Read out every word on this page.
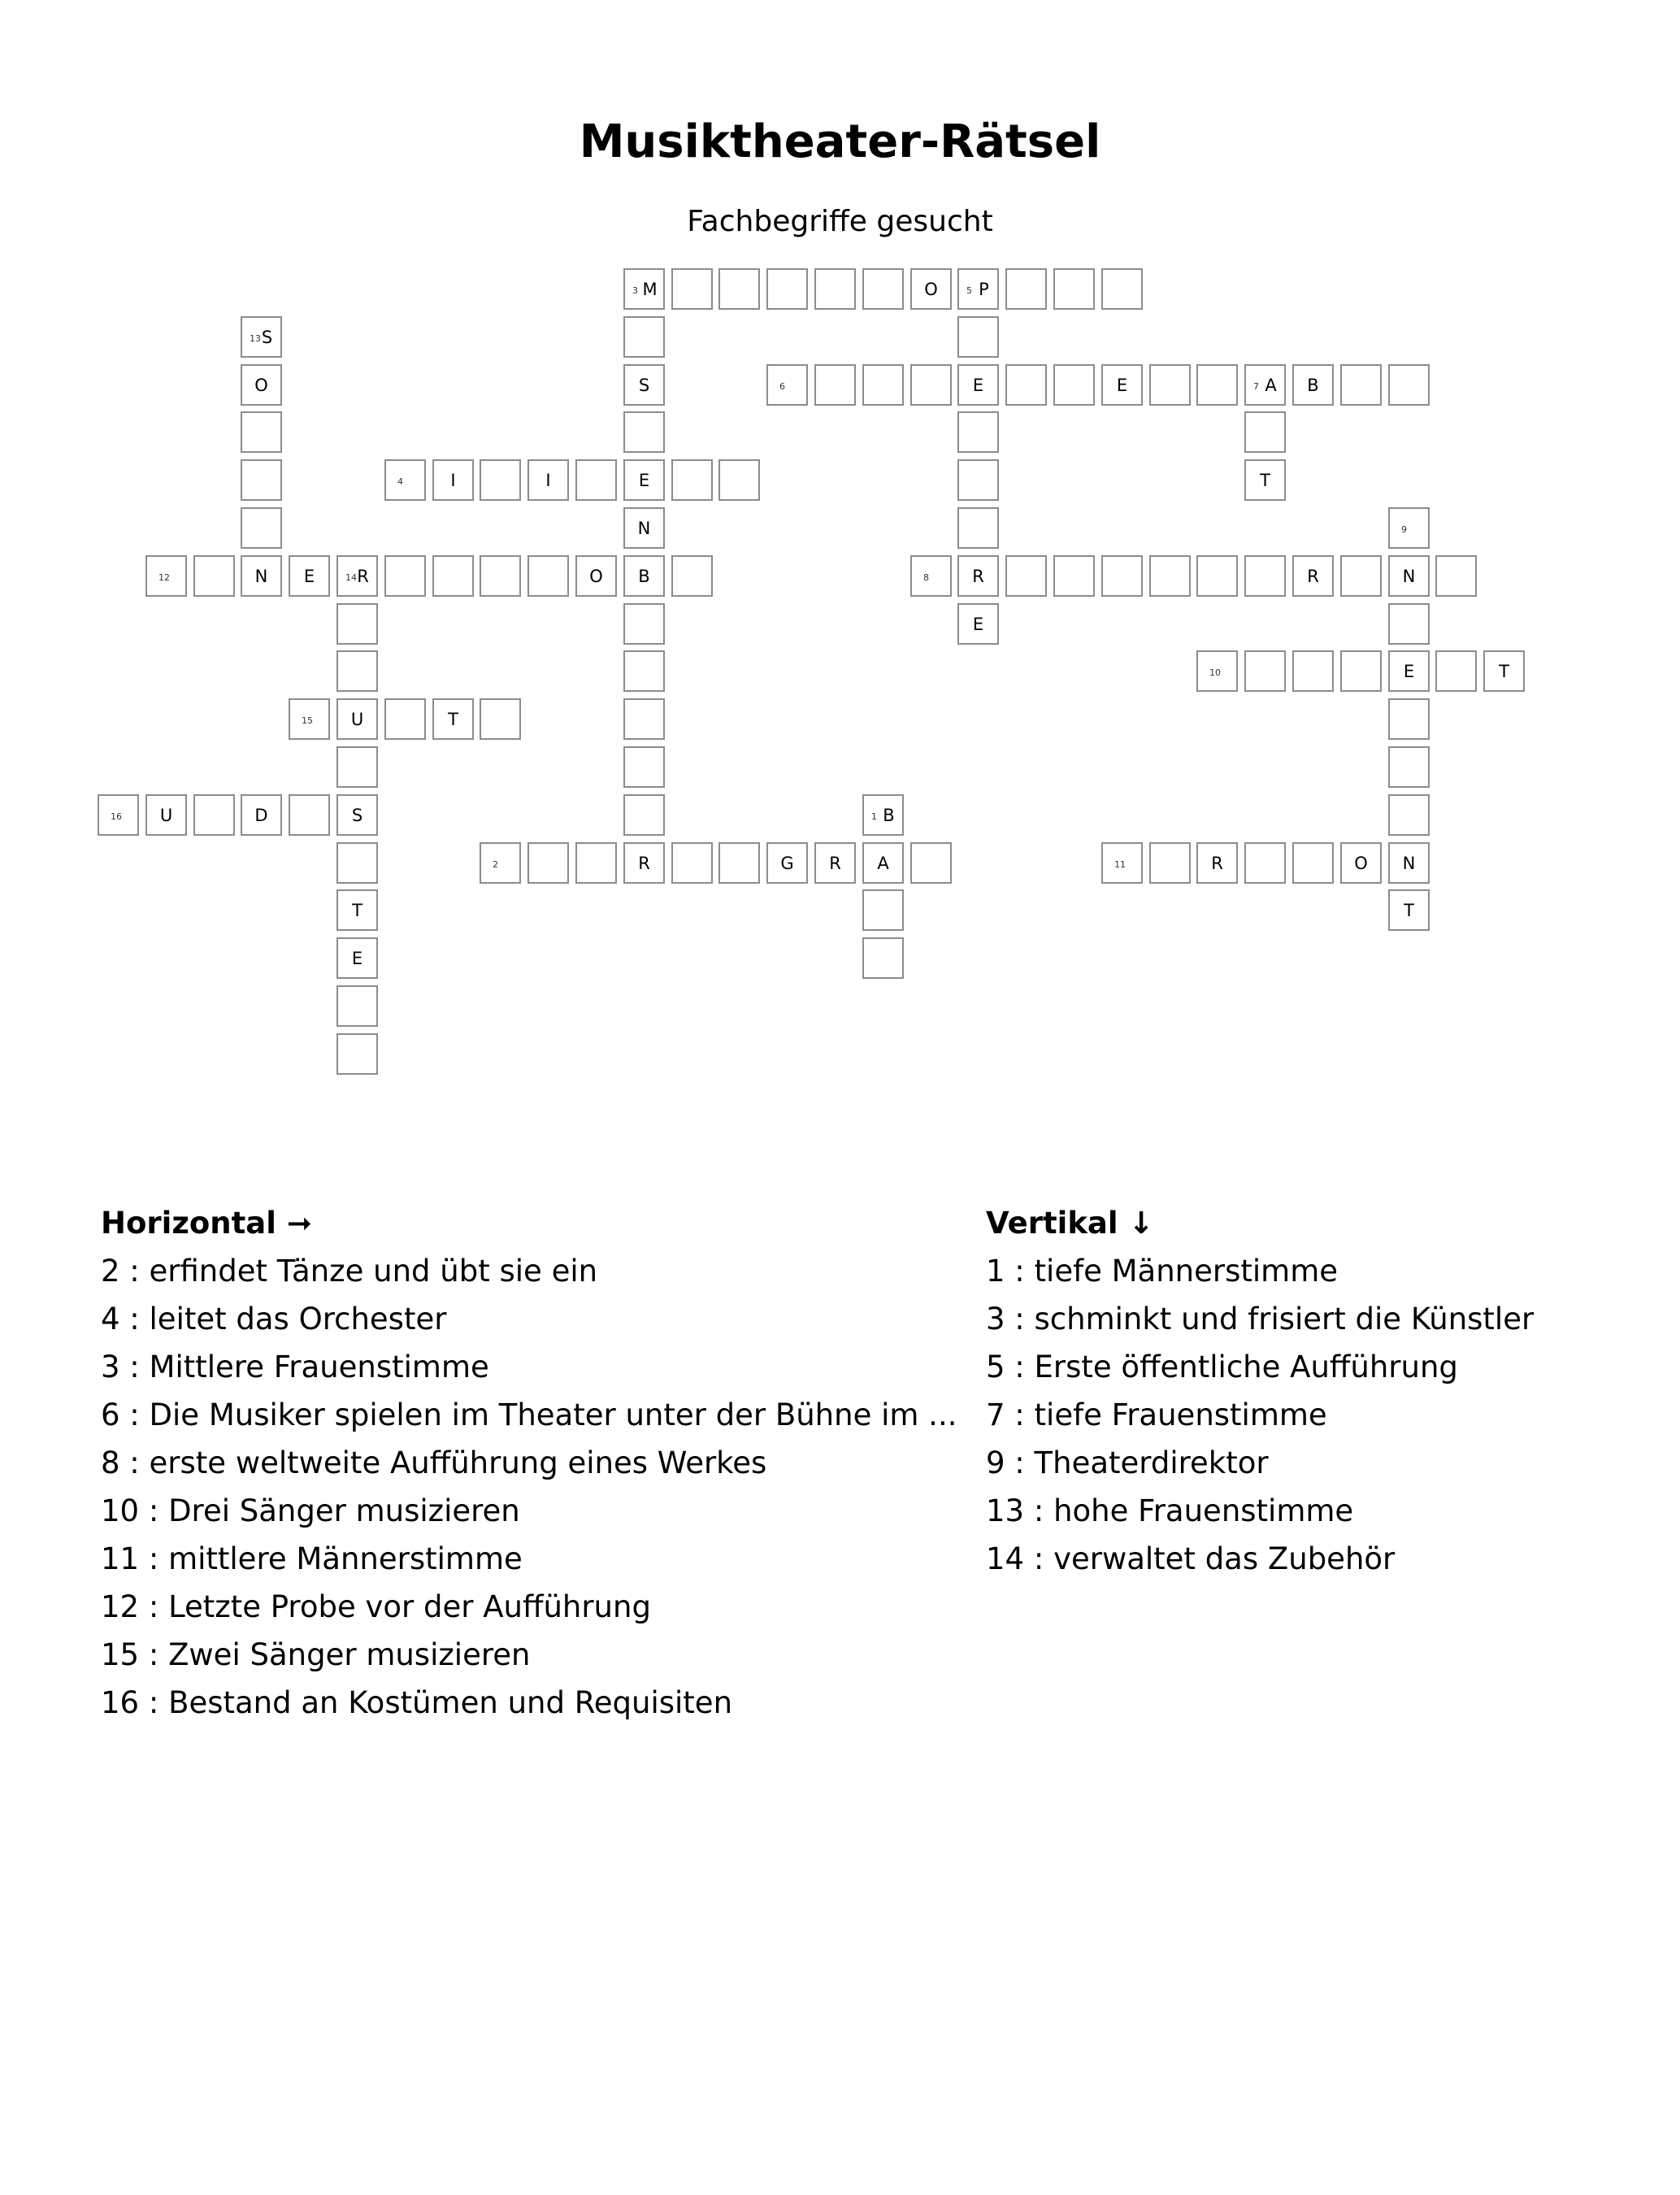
Musiktheater-Rätsel
Fachbegriffe gesucht
3 M	O	5 P
13 S
O	S	6	E	E	7 A	B
4	I	I	E	T
N	9
12	N	E	14 R	O	B	8	R	R	N
E
10	E	T
15	U	T
16	U	D	S	1 B
2	R	G	R	A	11	R	O	N
T	T
E
Horizontal ➞
2 : erfindet Tänze und übt sie ein
4 : leitet das Orchester
3 : Mittlere Frauenstimme
6 : Die Musiker spielen im Theater unter der Bühne im ...
8 : erste weltweite Aufführung eines Werkes
10 : Drei Sänger musizieren
11 : mittlere Männerstimme
12 : Letzte Probe vor der Aufführung
15 : Zwei Sänger musizieren
16 : Bestand an Kostümen und Requisiten
Vertikal ↓
1 : tiefe Männerstimme
3 : schminkt und frisiert die Künstler
5 : Erste öffentliche Aufführung
7 : tiefe Frauenstimme
9 : Theaterdirektor
13 : hohe Frauenstimme
14 : verwaltet das Zubehör
